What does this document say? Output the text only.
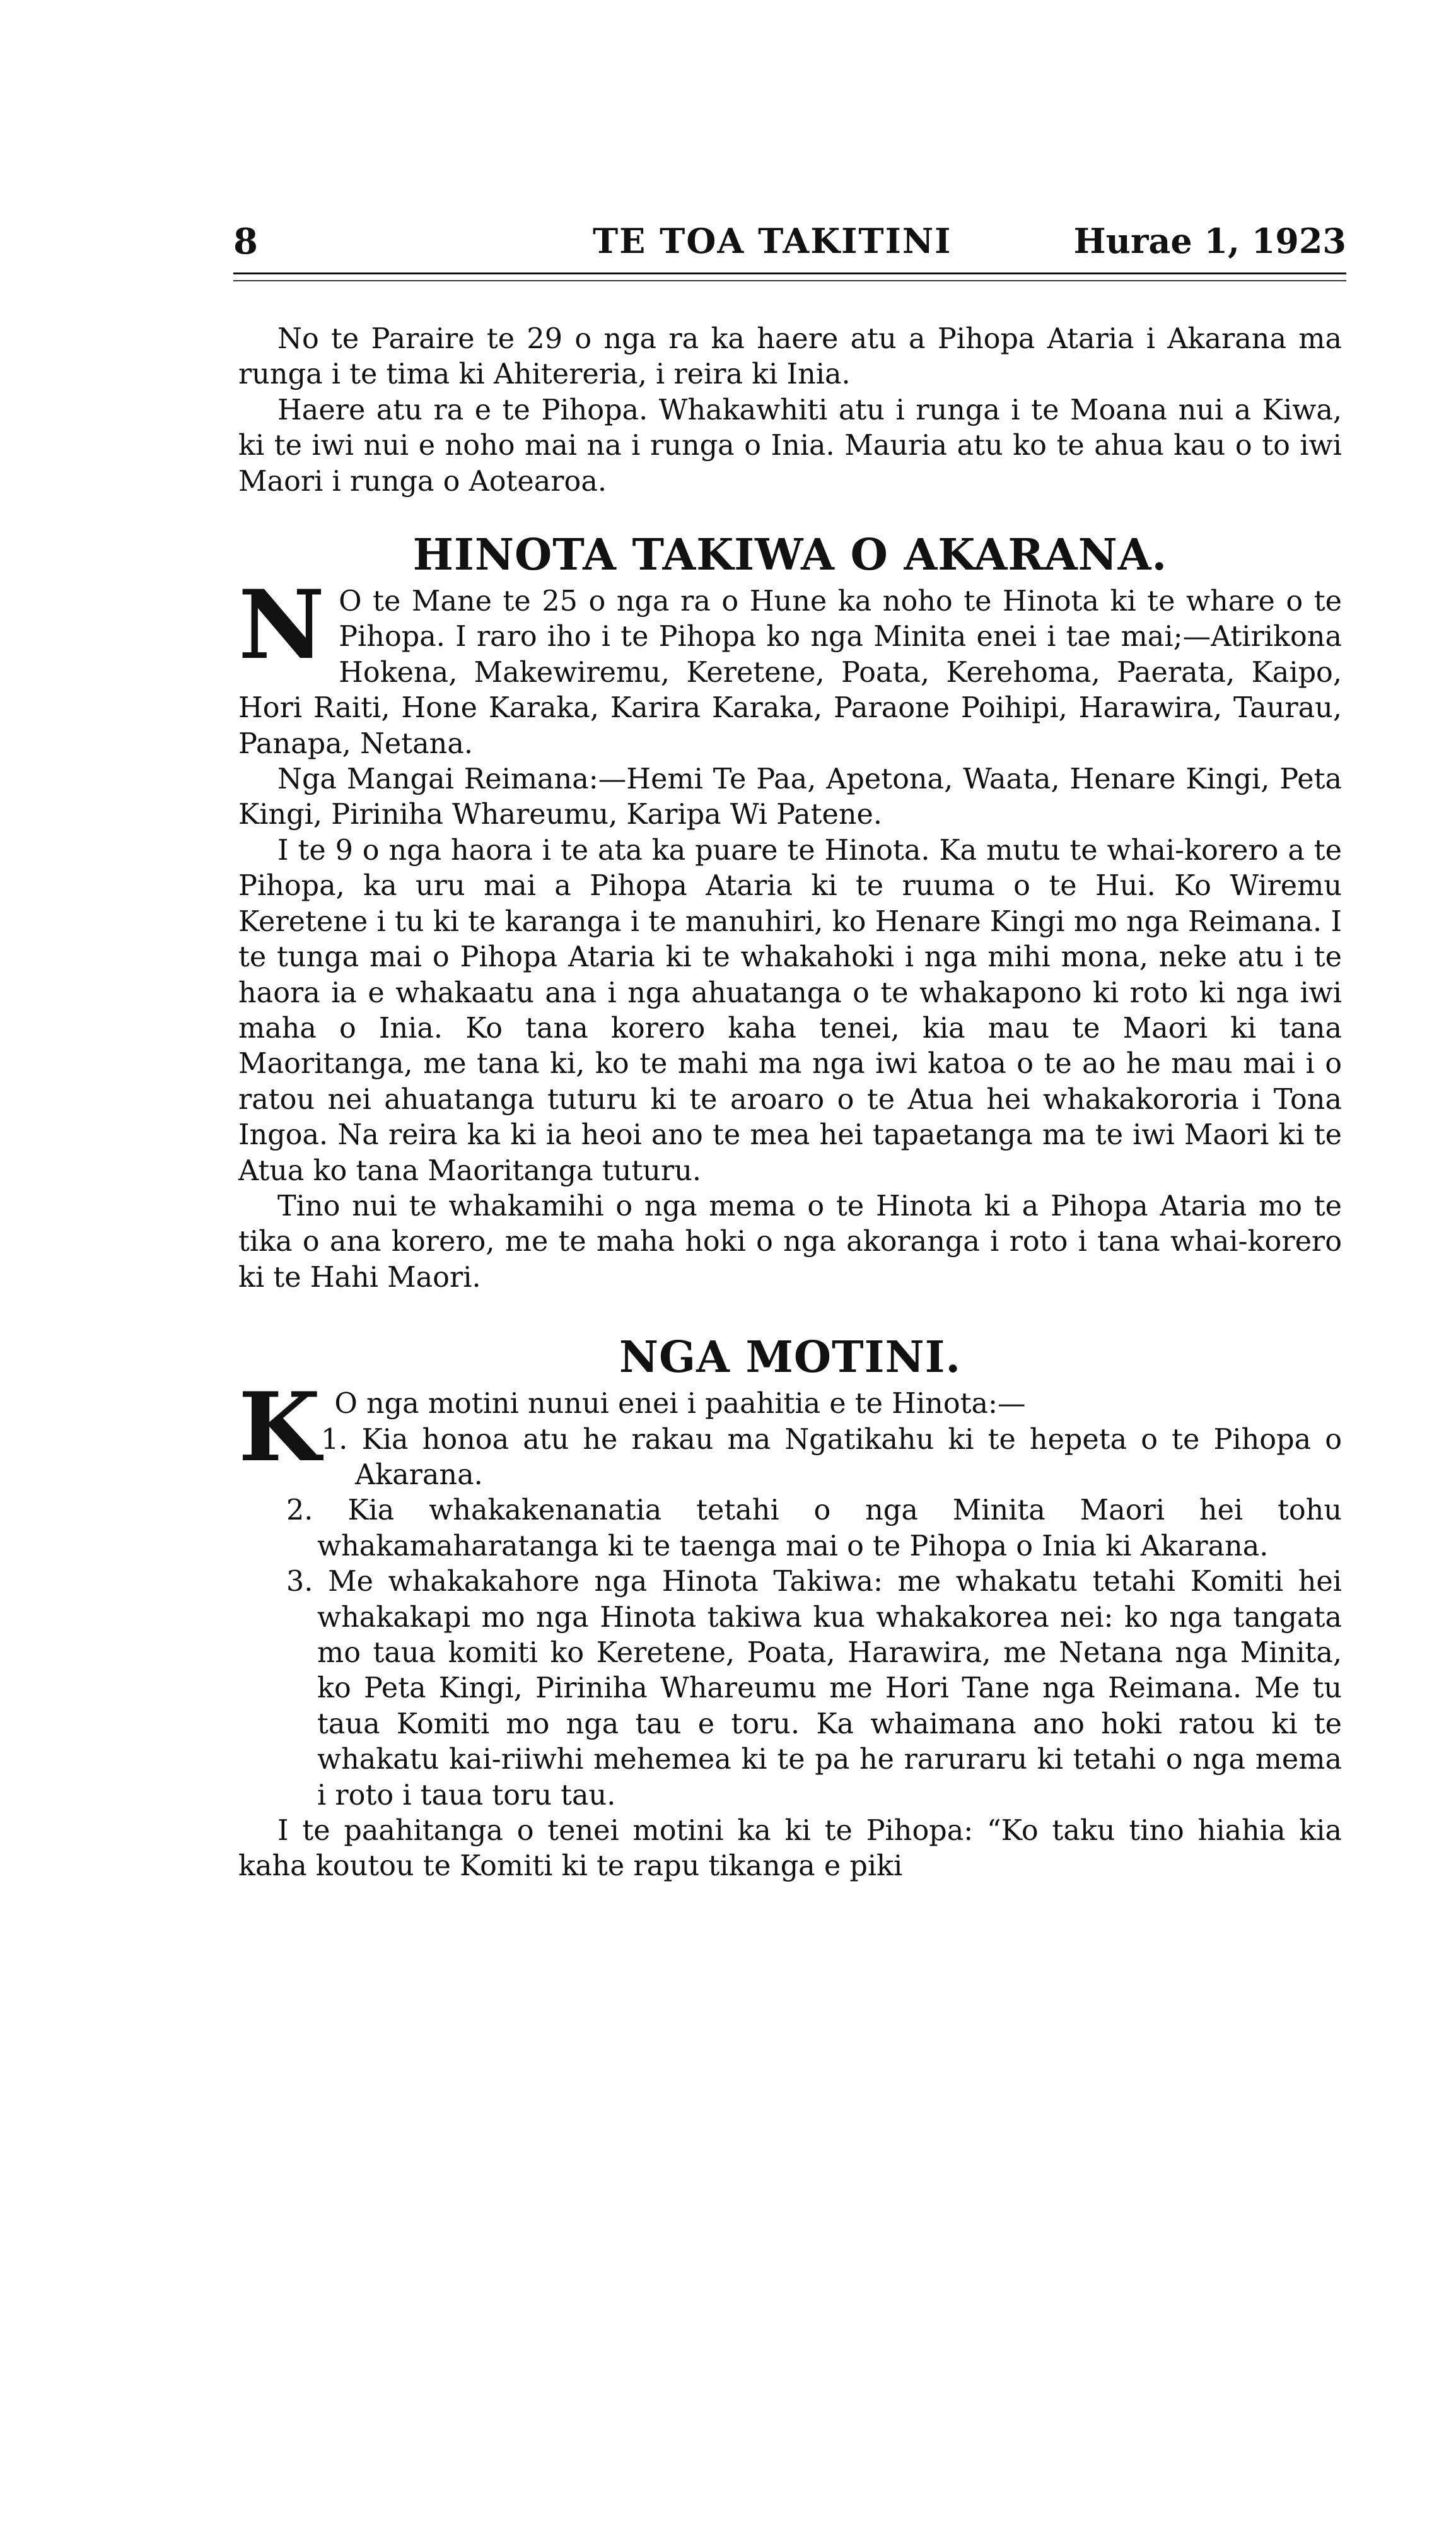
8	TE TOA TAKITINI	Hurae 1, 1923

No te Paraire te 29 o nga ra ka haere atu a Pihopa Ataria i Akarana ma runga i te tima ki Ahitereria, i reira ki Inia.

Haere atu ra e te Pihopa. Whakawhiti atu i runga i te Moana nui a Kiwa, ki te iwi nui e noho mai na i runga o Inia. Mauria atu ko te ahua kau o to iwi Maori i runga o Aotearoa.

HINOTA TAKIWA O AKARANA.

N O te Mane te 25 o nga ra o Hune ka noho te Hinota ki te whare o te Pihopa. I raro iho i te Pihopa ko nga Minita enei i tae mai;—Atirikona Hokena, Makewiremu, Keretene, Poata, Kerehoma, Paerata, Kaipo, Hori Raiti, Hone Karaka, Karira Karaka, Paraone Poihipi, Harawira, Taurau, Panapa, Netana.

Nga Mangai Reimana:—Hemi Te Paa, Apetona, Waata, Henare Kingi, Peta Kingi, Piriniha Whareumu, Karipa Wi Patene.

I te 9 o nga haora i te ata ka puare te Hinota. Ka mutu te whai-korero a te Pihopa, ka uru mai a Pihopa Ataria ki te ruuma o te Hui. Ko Wiremu Keretene i tu ki te karanga i te manuhiri, ko Henare Kingi mo nga Reimana. I te tunga mai o Pihopa Ataria ki te whakahoki i nga mihi mona, neke atu i te haora ia e whakaatu ana i nga ahuatanga o te whakapono ki roto ki nga iwi maha o Inia. Ko tana korero kaha tenei, kia mau te Maori ki tana Maoritanga, me tana ki, ko te mahi ma nga iwi katoa o te ao he mau mai i o ratou nei ahuatanga tuturu ki te aroaro o te Atua hei whakakororia i Tona Ingoa. Na reira ka ki ia heoi ano te mea hei tapaetanga ma te iwi Maori ki te Atua ko tana Maoritanga tuturu.

Tino nui te whakamihi o nga mema o te Hinota ki a Pihopa Ataria mo te tika o ana korero, me te maha hoki o nga akoranga i roto i tana whai-korero ki te Hahi Maori.

NGA MOTINI.

K O nga motini nunui enei i paahitia e te Hinota:—

1. Kia honoa atu he rakau ma Ngatikahu ki te hepeta o te Pihopa o Akarana.
2. Kia whakakenanatia tetahi o nga Minita Maori hei tohu whakamaharatanga ki te taenga mai o te Pihopa o Inia ki Akarana.
3. Me whakakahore nga Hinota Takiwa: me whakatu tetahi Komiti hei whakakapi mo nga Hinota takiwa kua whakakorea nei: ko nga tangata mo taua komiti ko Keretene, Poata, Harawira, me Netana nga Minita, ko Peta Kingi, Piriniha Whareumu me Hori Tane nga Reimana. Me tu taua Komiti mo nga tau e toru. Ka whaimana ano hoki ratou ki te whakatu kai-riiwhi mehemea ki te pa he raruraru ki tetahi o nga mema i roto i taua toru tau.

I te paahitanga o tenei motini ka ki te Pihopa: “Ko taku tino hiahia kia kaha koutou te Komiti ki te rapu tikanga e piki
